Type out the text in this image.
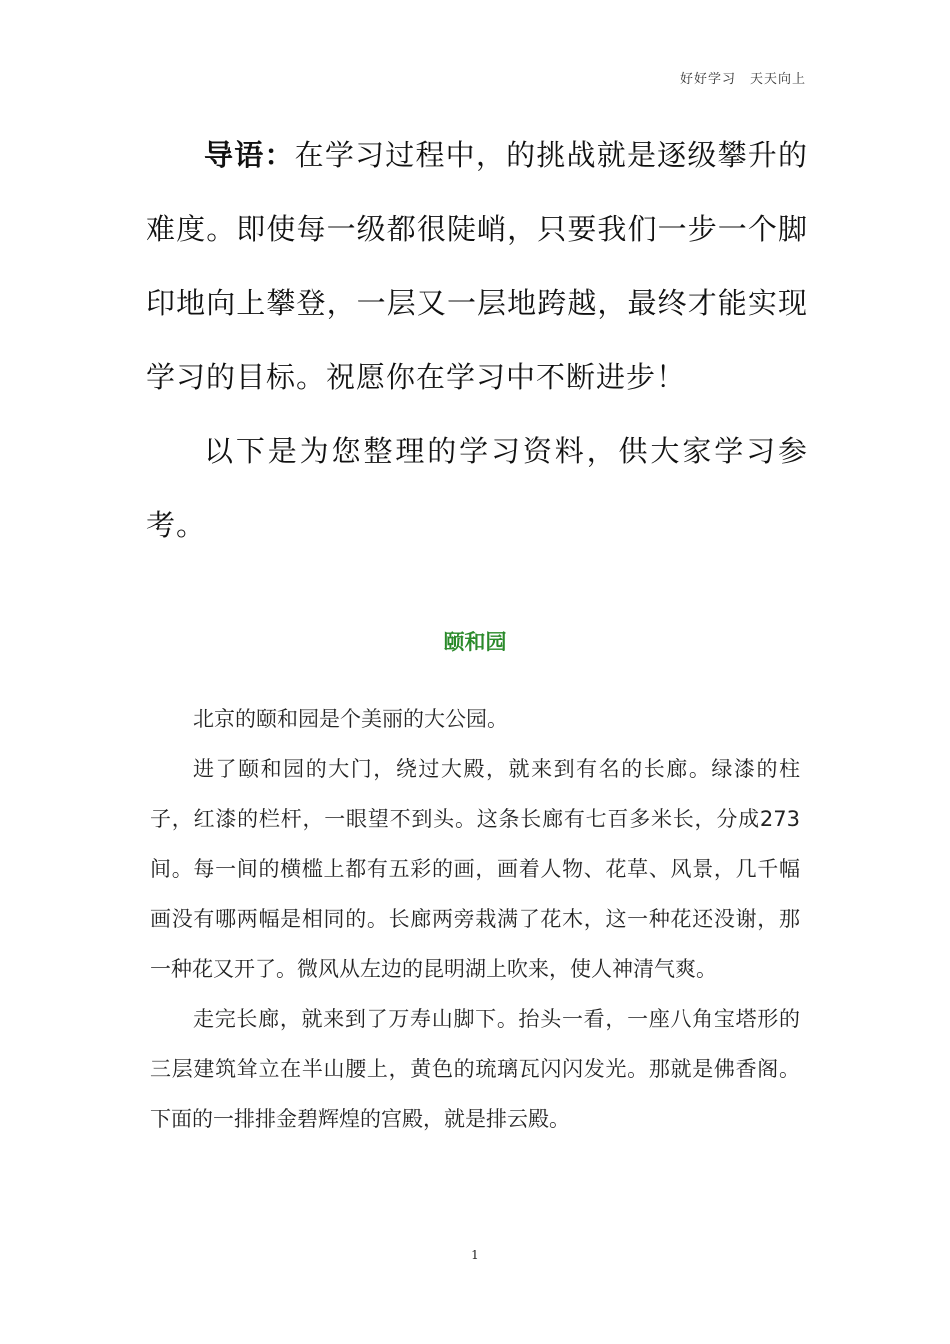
好好学习 天天向上

导语：在学习过程中，的挑战就是逐级攀升的难度。即使每一级都很陡峭，只要我们一步一个脚印地向上攀登，一层又一层地跨越，最终才能实现学习的目标。祝愿你在学习中不断进步！

以下是为您整理的学习资料，供大家学习参考。

颐和园

北京的颐和园是个美丽的大公园。

进了颐和园的大门，绕过大殿，就来到有名的长廊。绿漆的柱子，红漆的栏杆，一眼望不到头。这条长廊有七百多米长，分成273间。每一间的横槛上都有五彩的画，画着人物、花草、风景，几千幅画没有哪两幅是相同的。长廊两旁栽满了花木，这一种花还没谢，那一种花又开了。微风从左边的昆明湖上吹来，使人神清气爽。

走完长廊，就来到了万寿山脚下。抬头一看，一座八角宝塔形的三层建筑耸立在半山腰上，黄色的琉璃瓦闪闪发光。那就是佛香阁。下面的一排排金碧辉煌的宫殿，就是排云殿。

1
